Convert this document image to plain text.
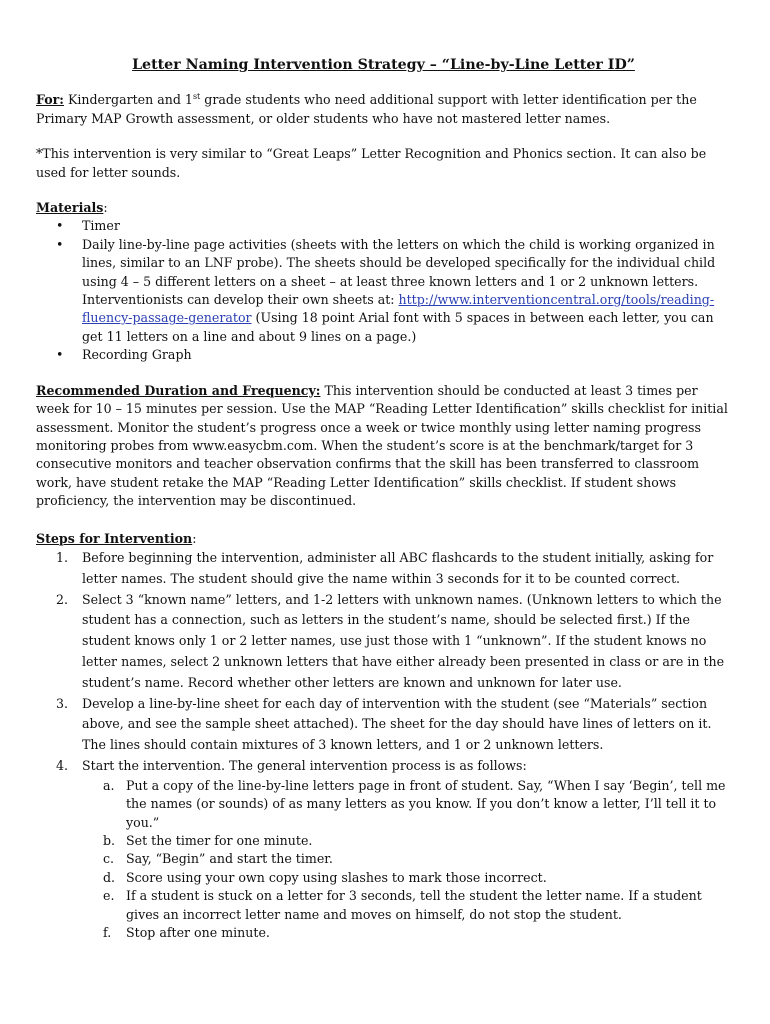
Letter Naming Intervention Strategy – “Line-by-Line Letter ID”

For: Kindergarten and 1st grade students who need additional support with letter identification per the Primary MAP Growth assessment, or older students who have not mastered letter names.

*This intervention is very similar to “Great Leaps” Letter Recognition and Phonics section. It can also be used for letter sounds.

Materials:

• Timer
• Daily line-by-line page activities (sheets with the letters on which the child is working organized in lines, similar to an LNF probe). The sheets should be developed specifically for the individual child using 4 – 5 different letters on a sheet – at least three known letters and 1 or 2 unknown letters. Interventionists can develop their own sheets at: http://www.interventioncentral.org/tools/reading-fluency-passage-generator (Using 18 point Arial font with 5 spaces in between each letter, you can get 11 letters on a line and about 9 lines on a page.)
• Recording Graph

Recommended Duration and Frequency: This intervention should be conducted at least 3 times per week for 10 – 15 minutes per session. Use the MAP “Reading Letter Identification” skills checklist for initial assessment. Monitor the student’s progress once a week or twice monthly using letter naming progress monitoring probes from www.easycbm.com. When the student’s score is at the benchmark/target for 3 consecutive monitors and teacher observation confirms that the skill has been transferred to classroom work, have student retake the MAP “Reading Letter Identification” skills checklist. If student shows proficiency, the intervention may be discontinued.

Steps for Intervention:

1. Before beginning the intervention, administer all ABC flashcards to the student initially, asking for letter names. The student should give the name within 3 seconds for it to be counted correct.
2. Select 3 “known name” letters, and 1-2 letters with unknown names. (Unknown letters to which the student has a connection, such as letters in the student’s name, should be selected first.) If the student knows only 1 or 2 letter names, use just those with 1 “unknown”. If the student knows no letter names, select 2 unknown letters that have either already been presented in class or are in the student’s name. Record whether other letters are known and unknown for later use.
3. Develop a line-by-line sheet for each day of intervention with the student (see “Materials” section above, and see the sample sheet attached). The sheet for the day should have lines of letters on it. The lines should contain mixtures of 3 known letters, and 1 or 2 unknown letters.
4. Start the intervention. The general intervention process is as follows:
a. Put a copy of the line-by-line letters page in front of student. Say, “When I say ‘Begin’, tell me the names (or sounds) of as many letters as you know. If you don’t know a letter, I’ll tell it to you.”
b. Set the timer for one minute.
c. Say, “Begin” and start the timer.
d. Score using your own copy using slashes to mark those incorrect.
e. If a student is stuck on a letter for 3 seconds, tell the student the letter name. If a student gives an incorrect letter name and moves on himself, do not stop the student.
f. Stop after one minute.
